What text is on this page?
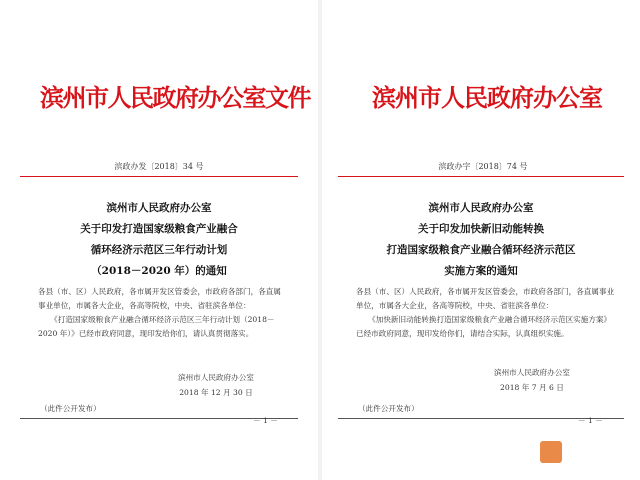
滨州市人民政府办公室文件
滨政办发〔2018〕34 号
滨州市人民政府办公室
关于印发打造国家级粮食产业融合
循环经济示范区三年行动计划
（2018－2020 年）的通知

各县（市、区）人民政府，各市属开发区管委会，市政府各部门，各直属事业单位，市属各大企业，各高等院校，中央、省驻滨各单位：

《打造国家级粮食产业融合循环经济示范区三年行动计划（2018－2020 年）》已经市政府同意，现印发给你们，请认真贯彻落实。

滨州市人民政府办公室
2018 年 12 月 30 日
（此件公开发布）
－ 1 －
滨州市人民政府办公室
滨政办字〔2018〕74 号
滨州市人民政府办公室
关于印发加快新旧动能转换
打造国家级粮食产业融合循环经济示范区
实施方案的通知

各县（市、区）人民政府，各市属开发区管委会，市政府各部门，各直属事业单位，市属各大企业，各高等院校，中央、省驻滨各单位：

《加快新旧动能转换打造国家级粮食产业融合循环经济示范区实施方案》已经市政府同意，现印发给你们，请结合实际，认真组织实施。

滨州市人民政府办公室
2018 年 7 月 6 日
（此件公开发布）
－ 1 －
